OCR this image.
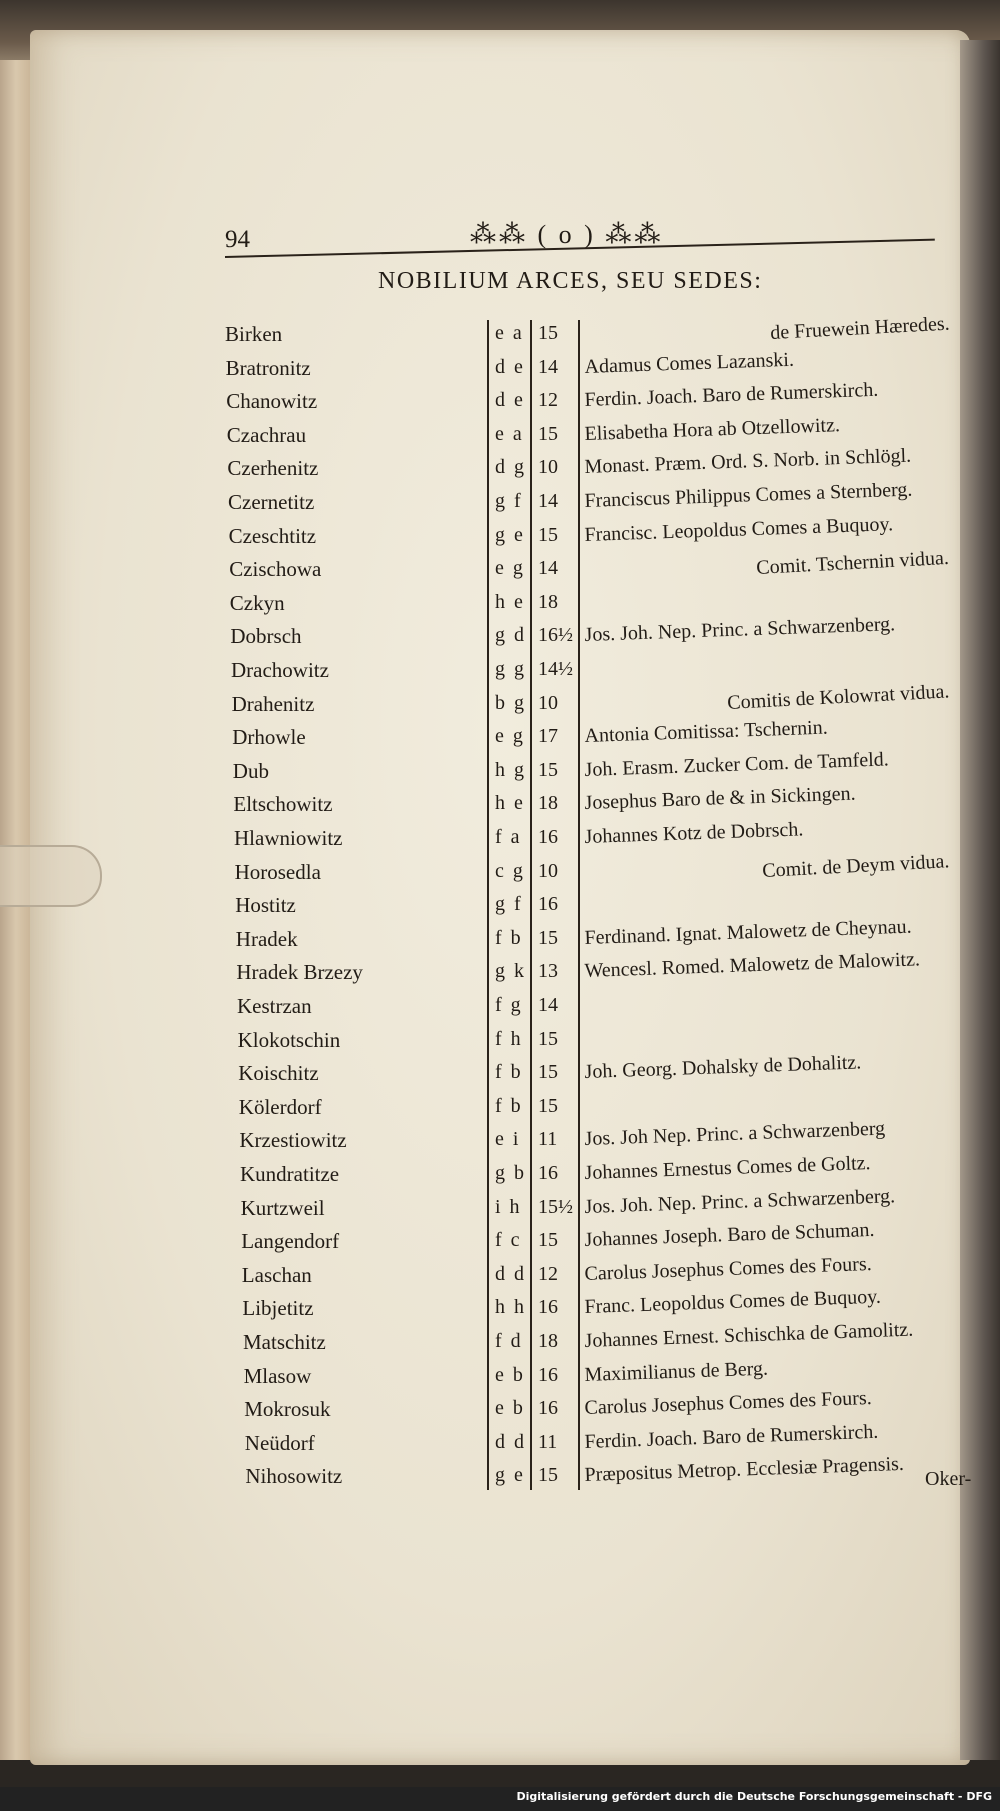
94	⁂⁂ ( o ) ⁂⁂
NOBILIUM ARCES, SEU SEDES:
Birken	e a 15	de Fruewein Hæredes.
Bratronitz	d e 14 Adamus Comes Lazanski.
Chanowitz	d e 12 Ferdin. Joach. Baro de Rumerskirch.
Czachrau	e a 15 Elisabetha Hora ab Otzellowitz.
Czerhenitz	d g 10 Monast. Præm. Ord. S. Norb. in Schlögl.
Czernetitz	g f 14 Franciscus Philippus Comes a Sternberg.
Czeschtitz	g e 15 Francisc. Leopoldus Comes a Buquoy.
Czischowa	e g 14	Comit. Tschernin vidua.
Czkyn	h e 18
Dobrsch	g d 16½ Jos. Joh. Nep. Princ. a Schwarzenberg.
Drachowitz	g g 14½
Drahenitz	b g 10	Comitis de Kolowrat vidua.
Drhowle	e g 17 Antonia Comitissa: Tschernin.
Dub	h g 15 Joh. Erasm. Zucker Com. de Tamfeld.
Eltschowitz	h e 18 Josephus Baro de & in Sickingen.
Hlawniowitz	f a 16 Johannes Kotz de Dobrsch.
Horosedla	c g 10	Comit. de Deym vidua.
Hostitz	g f 16
Hradek	f b 15 Ferdinand. Ignat. Malowetz de Cheynau.
Hradek Brzezy	g k 13 Wencesl. Romed. Malowetz de Malowitz.
Kestrzan	f g 14
Klokotschin	f h 15
Koischitz	f b 15 Joh. Georg. Dohalsky de Dohalitz.
Kölerdorf	f b 15
Krzestiowitz	e i 11 Jos. Joh Nep. Princ. a Schwarzenberg
Kundratitze	g b 16 Johannes Ernestus Comes de Goltz.
Kurtzweil	i h 15½ Jos. Joh. Nep. Princ. a Schwarzenberg.
Langendorf	f c 15 Johannes Joseph. Baro de Schuman.
Laschan	d d 12 Carolus Josephus Comes des Fours.
Libjetitz	h h 16 Franc. Leopoldus Comes de Buquoy.
Matschitz	f d 18 Johannes Ernest. Schischka de Gamolitz.
Mlasow	e b 16 Maximilianus de Berg.
Mokrosuk	e b 16 Carolus Josephus Comes des Fours.
Neüdorf	d d 11 Ferdin. Joach. Baro de Rumerskirch.
Nihosowitz	g e 15 Præpositus Metrop. Ecclesiæ Pragensis. Oker-
Digitalisierung gefördert durch die Deutsche Forschungsgemeinschaft - DFG
